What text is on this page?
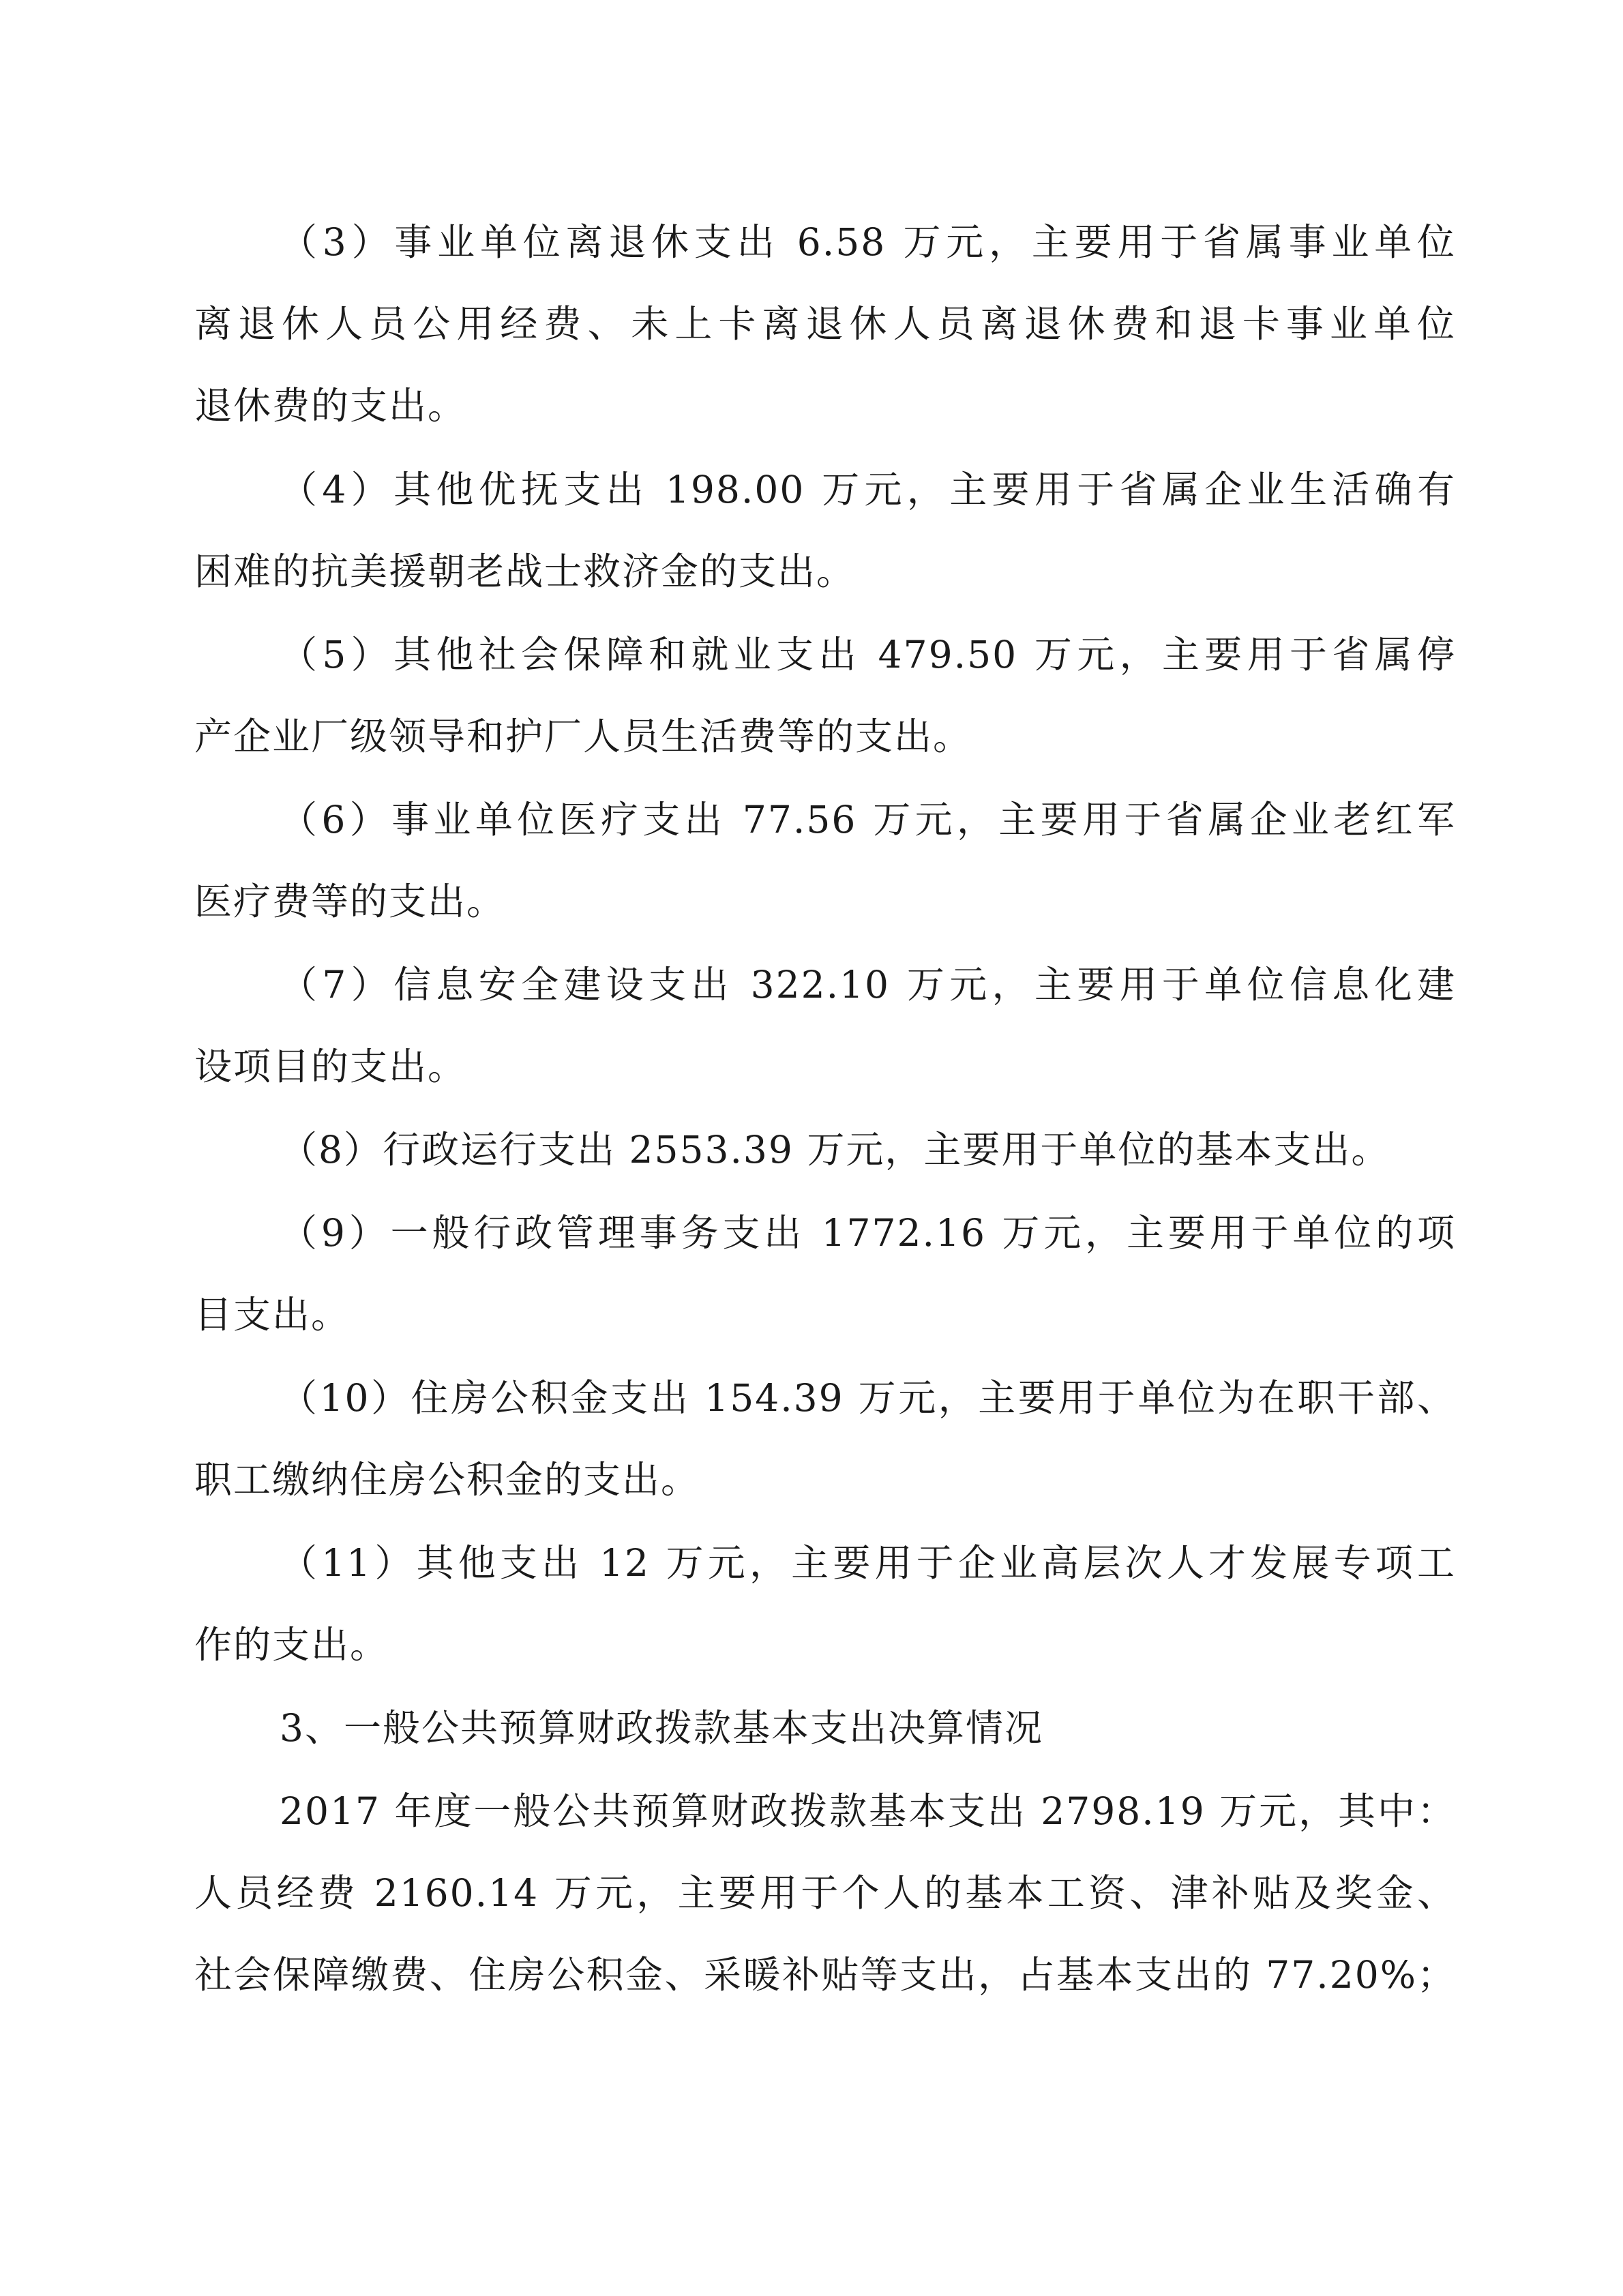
（3）事业单位离退休支出 6.58 万元，主要用于省属事业单位
离退休人员公用经费、未上卡离退休人员离退休费和退卡事业单位
退休费的支出。
（4）其他优抚支出 198.00 万元，主要用于省属企业生活确有
困难的抗美援朝老战士救济金的支出。
（5）其他社会保障和就业支出 479.50 万元，主要用于省属停
产企业厂级领导和护厂人员生活费等的支出。
（6）事业单位医疗支出 77.56 万元，主要用于省属企业老红军
医疗费等的支出。
（7）信息安全建设支出 322.10 万元，主要用于单位信息化建
设项目的支出。
（8）行政运行支出 2553.39 万元，主要用于单位的基本支出。
（9）一般行政管理事务支出 1772.16 万元，主要用于单位的项
目支出。
（10）住房公积金支出 154.39 万元，主要用于单位为在职干部、
职工缴纳住房公积金的支出。
（11）其他支出 12 万元，主要用于企业高层次人才发展专项工
作的支出。
3、一般公共预算财政拨款基本支出决算情况
2017 年度一般公共预算财政拨款基本支出 2798.19 万元，其中：
人员经费 2160.14 万元，主要用于个人的基本工资、津补贴及奖金、
社会保障缴费、住房公积金、采暖补贴等支出，占基本支出的 77.20%；
